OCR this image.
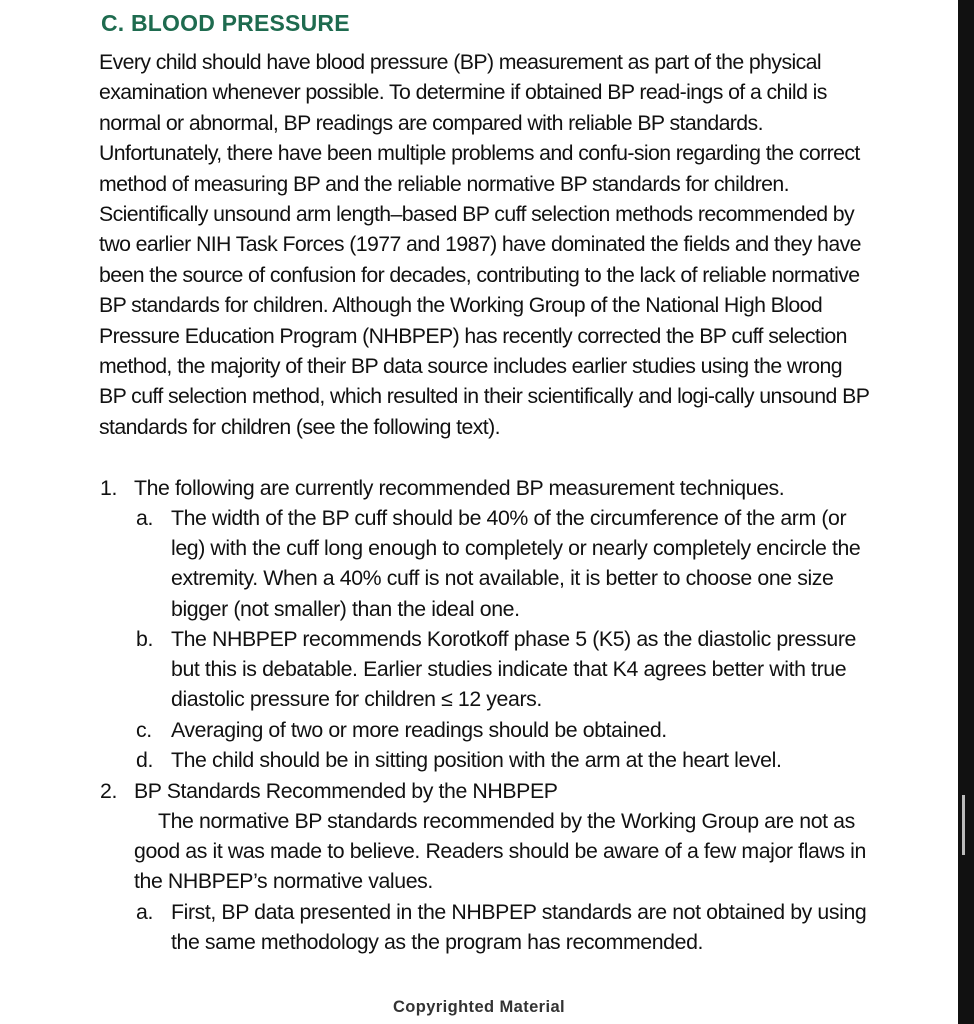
C. BLOOD PRESSURE

Every child should have blood pressure (BP) measurement as part of the physical examination whenever possible. To determine if obtained BP read-ings of a child is normal or abnormal, BP readings are compared with reliable BP standards. Unfortunately, there have been multiple problems and confu-sion regarding the correct method of measuring BP and the reliable normative BP standards for children. Scientifically unsound arm length–based BP cuff selection methods recommended by two earlier NIH Task Forces (1977 and 1987) have dominated the fields and they have been the source of confusion for decades, contributing to the lack of reliable normative BP standards for children. Although the Working Group of the National High Blood Pressure Education Program (NHBPEP) has recently corrected the BP cuff selection method, the majority of their BP data source includes earlier studies using the wrong BP cuff selection method, which resulted in their scientifically and logi-cally unsound BP standards for children (see the following text).

1. The following are currently recommended BP measurement techniques.
a. The width of the BP cuff should be 40% of the circumference of the arm (or leg) with the cuff long enough to completely or nearly completely encircle the extremity. When a 40% cuff is not available, it is better to choose one size bigger (not smaller) than the ideal one.
b. The NHBPEP recommends Korotkoff phase 5 (K5) as the diastolic pressure but this is debatable. Earlier studies indicate that K4 agrees better with true diastolic pressure for children ≤ 12 years.
c. Averaging of two or more readings should be obtained.
d. The child should be in sitting position with the arm at the heart level.
2. BP Standards Recommended by the NHBPEP
The normative BP standards recommended by the Working Group are not as good as it was made to believe. Readers should be aware of a few major flaws in the NHBPEP’s normative values.
a. First, BP data presented in the NHBPEP standards are not obtained by using the same methodology as the program has recommended.
Copyrighted Material
